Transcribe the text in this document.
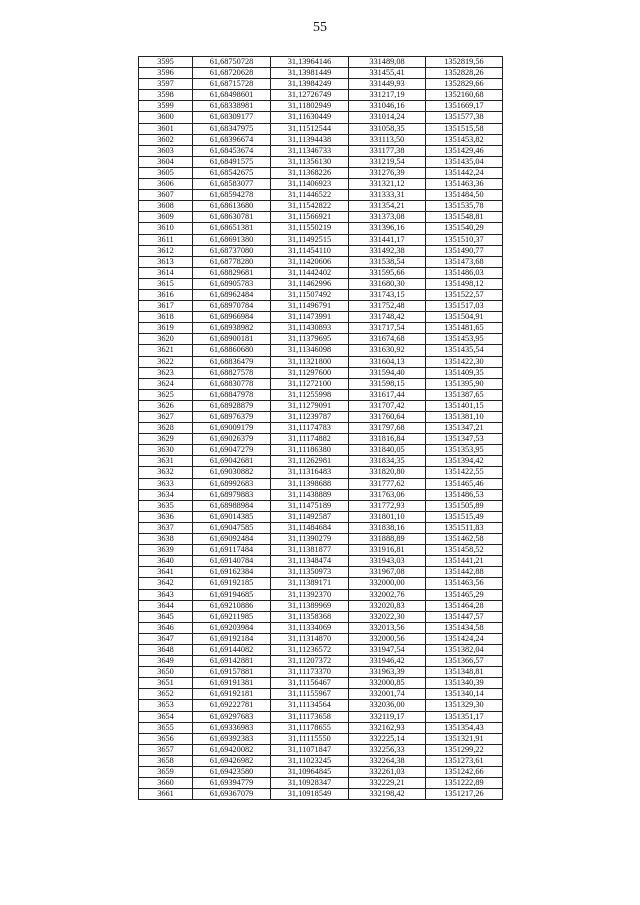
55
3595	61,68750728	31,13964146	331489,08	1352819,56
3596	61,68720628	31,13981449	331455,41	1352828,26
3597	61,68715728	31,13984249	331449,93	1352829,66
3598	61,68498601	31,12726749	331217,19	1352160,68
3599	61,68338981	31,11802949	331046,16	1351669,17
3600	61,68309177	31,11630449	331014,24	1351577,38
3601	61,68347975	31,11512544	331058,35	1351515,58
3602	61,68396674	31,11394438	331113,50	1351453,82
3603	61,68453674	31,11346733	331177,38	1351429,46
3604	61,68491575	31,11356130	331219,54	1351435,04
3605	61,68542675	31,11368226	331276,39	1351442,24
3606	61,68583077	31,11406923	331321,12	1351463,36
3607	61,68594278	31,11446522	331333,31	1351484,50
3608	61,68613680	31,11542822	331354,21	1351535,78
3609	61,68630781	31,11566921	331373,08	1351548,81
3610	61,68651381	31,11550219	331396,16	1351540,29
3611	61,68691380	31,11492515	331441,17	1351510,37
3612	61,68737080	31,11454110	331492,38	1351490,77
3613	61,68778280	31,11420606	331538,54	1351473,68
3614	61,68829681	31,11442402	331595,66	1351486,03
3615	61,68905783	31,11462996	331680,30	1351498,12
3616	61,68962484	31,11507492	331743,15	1351522,57
3617	61,68970784	31,11496791	331752,48	1351517,03
3618	61,68966984	31,11473991	331748,42	1351504,91
3619	61,68938982	31,11430893	331717,54	1351481,65
3620	61,68900181	31,11379695	331674,68	1351453,95
3621	61,68860680	31,11346098	331630,92	1351435,54
3622	61,68836479	31,11321800	331604,13	1351422,30
3623	61,68827578	31,11297600	331594,40	1351409,35
3624	61,68830778	31,11272100	331598,15	1351395,90
3625	61,68847978	31,11255998	331617,44	1351387,65
3626	61,68928879	31,11279091	331707,42	1351401,15
3627	61,68976379	31,11239787	331760,64	1351381,10
3628	61,69009179	31,11174783	331797,68	1351347,21
3629	61,69026379	31,11174882	331816,84	1351347,53
3630	61,69047279	31,11186380	331840,05	1351353,95
3631	61,69042681	31,11262981	331834,35	1351394,42
3632	61,69030882	31,11316483	331820,80	1351422,55
3633	61,68992683	31,11398688	331777,62	1351465,46
3634	61,68979883	31,11438889	331763,06	1351486,53
3635	61,68988984	31,11475189	331772,93	1351505,89
3636	61,69014385	31,11492587	331801,10	1351515,49
3637	61,69047585	31,11484684	331838,16	1351511,83
3638	61,69092484	31,11390279	331888,89	1351462,58
3639	61,69117484	31,11381877	331916,81	1351458,52
3640	61,69140784	31,11348474	331943,03	1351441,21
3641	61,69162384	31,11350973	331967,08	1351442,88
3642	61,69192185	31,11389171	332000,00	1351463,56
3643	61,69194685	31,11392370	332002,76	1351465,29
3644	61,69210886	31,11389969	332020,83	1351464,28
3645	61,69211985	31,11358368	332022,30	1351447,57
3646	61,69203984	31,11334069	332013,56	1351434,58
3647	61,69192184	31,11314870	332000,56	1351424,24
3648	61,69144082	31,11236572	331947,54	1351382,04
3649	61,69142881	31,11207372	331946,42	1351366,57
3650	61,69157881	31,11173370	331963,39	1351348,81
3651	61,69191381	31,11156467	332000,85	1351340,39
3652	61,69192181	31,11155967	332001,74	1351340,14
3653	61,69222781	31,11134564	332036,00	1351329,30
3654	61,69297683	31,11173658	332119,17	1351351,17
3655	61,69336983	31,11178655	332162,93	1351354,43
3656	61,69392383	31,11115550	332225,14	1351321,91
3657	61,69420082	31,11071847	332256,33	1351299,22
3658	61,69426982	31,11023245	332264,38	1351273,61
3659	61,69423580	31,10964845	332261,03	1351242,66
3660	61,69394779	31,10928347	332229,21	1351222,89
3661	61,69367079	31,10918549	332198,42	1351217,26
